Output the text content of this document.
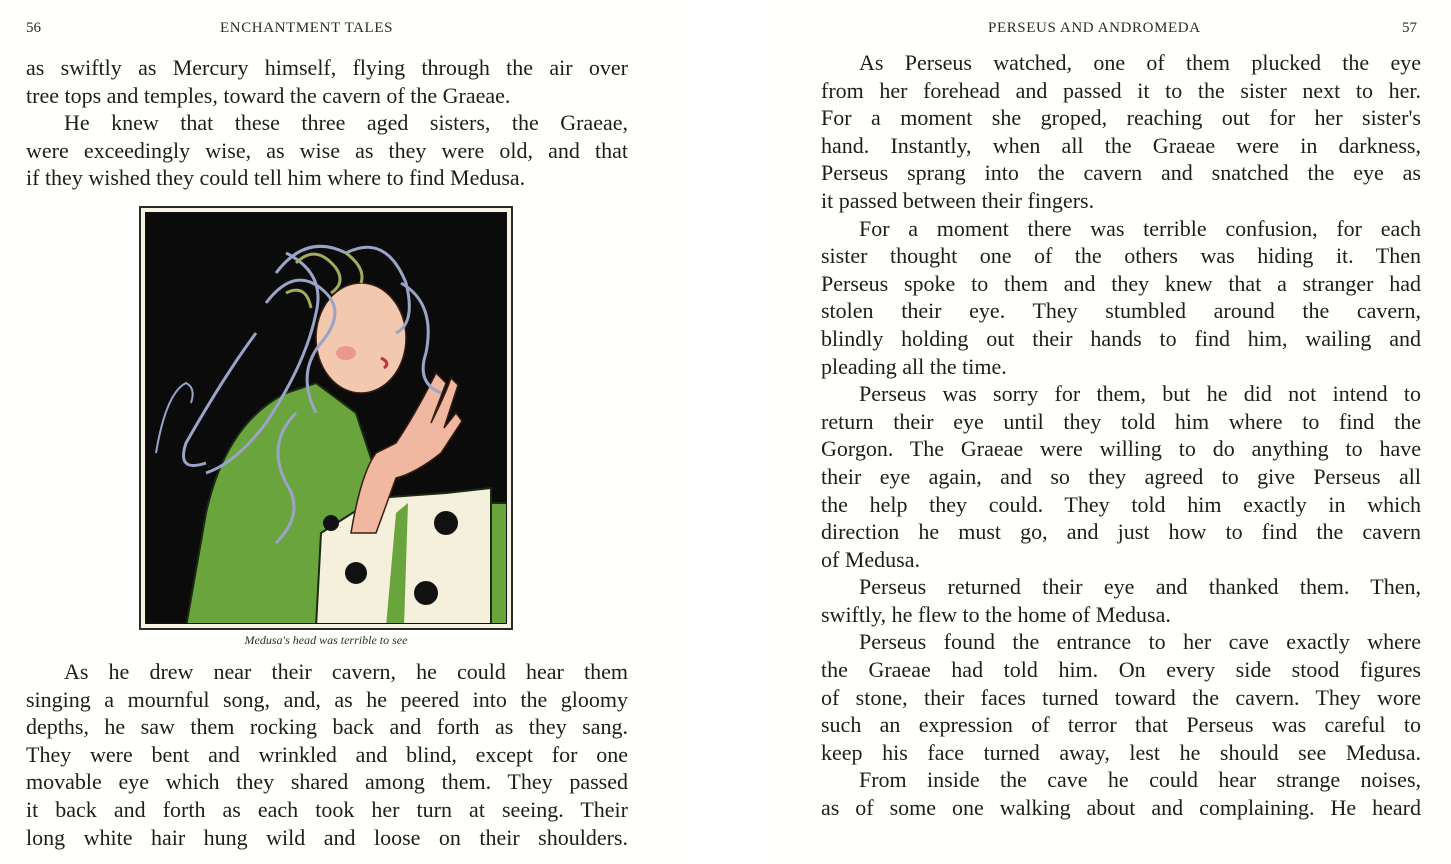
56	ENCHANTMENT TALES
as swiftly as Mercury himself, flying through the air over
tree tops and temples, toward the cavern of the Graeae.
He knew that these three aged sisters, the Graeae,
were exceedingly wise, as wise as they were old, and that
if they wished they could tell him where to find Medusa.
Medusa's head was terrible to see
As he drew near their cavern, he could hear them
singing a mournful song, and, as he peered into the gloomy
depths, he saw them rocking back and forth as they sang.
They were bent and wrinkled and blind, except for one
movable eye which they shared among them. They passed
it back and forth as each took her turn at seeing. Their
long white hair hung wild and loose on their shoulders.
PERSEUS AND ANDROMEDA	57
As Perseus watched, one of them plucked the eye
from her forehead and passed it to the sister next to her.
For a moment she groped, reaching out for her sister's
hand. Instantly, when all the Graeae were in darkness,
Perseus sprang into the cavern and snatched the eye as
it passed between their fingers.
For a moment there was terrible confusion, for each
sister thought one of the others was hiding it. Then
Perseus spoke to them and they knew that a stranger had
stolen their eye. They stumbled around the cavern,
blindly holding out their hands to find him, wailing and
pleading all the time.
Perseus was sorry for them, but he did not intend to
return their eye until they told him where to find the
Gorgon. The Graeae were willing to do anything to have
their eye again, and so they agreed to give Perseus all
the help they could. They told him exactly in which
direction he must go, and just how to find the cavern
of Medusa.
Perseus returned their eye and thanked them. Then,
swiftly, he flew to the home of Medusa.
Perseus found the entrance to her cave exactly where
the Graeae had told him. On every side stood figures
of stone, their faces turned toward the cavern. They wore
such an expression of terror that Perseus was careful to
keep his face turned away, lest he should see Medusa.
From inside the cave he could hear strange noises,
as of some one walking about and complaining. He heard
